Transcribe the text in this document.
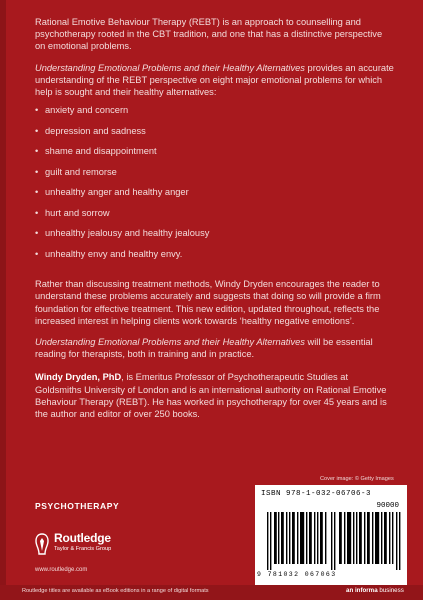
Rational Emotive Behaviour Therapy (REBT) is an approach to counselling and psychotherapy rooted in the CBT tradition, and one that has a distinctive perspective on emotional problems.

Understanding Emotional Problems and their Healthy Alternatives provides an accurate understanding of the REBT perspective on eight major emotional problems for which help is sought and their healthy alternatives:

• anxiety and concern
• depression and sadness
• shame and disappointment
• guilt and remorse
• unhealthy anger and healthy anger
• hurt and sorrow
• unhealthy jealousy and healthy jealousy
• unhealthy envy and healthy envy.

Rather than discussing treatment methods, Windy Dryden encourages the reader to understand these problems accurately and suggests that doing so will provide a firm foundation for effective treatment. This new edition, updated throughout, reflects the increased interest in helping clients work towards ‘healthy negative emotions’.

Understanding Emotional Problems and their Healthy Alternatives will be essential reading for therapists, both in training and in practice.

Windy Dryden, PhD, is Emeritus Professor of Psychotherapeutic Studies at Goldsmiths University of London and is an international authority on Rational Emotive Behaviour Therapy (REBT). He has worked in psychotherapy for over 45 years and is the author and editor of over 250 books.

Cover image: © Getty Images
PSYCHOTHERAPY
Routledge
Taylor & Francis Group
www.routledge.com
ISBN 978-1-032-06706-3
90000
9 781032 067063
Routledge titles are available as eBook editions in a range of digital formats	an informa business
